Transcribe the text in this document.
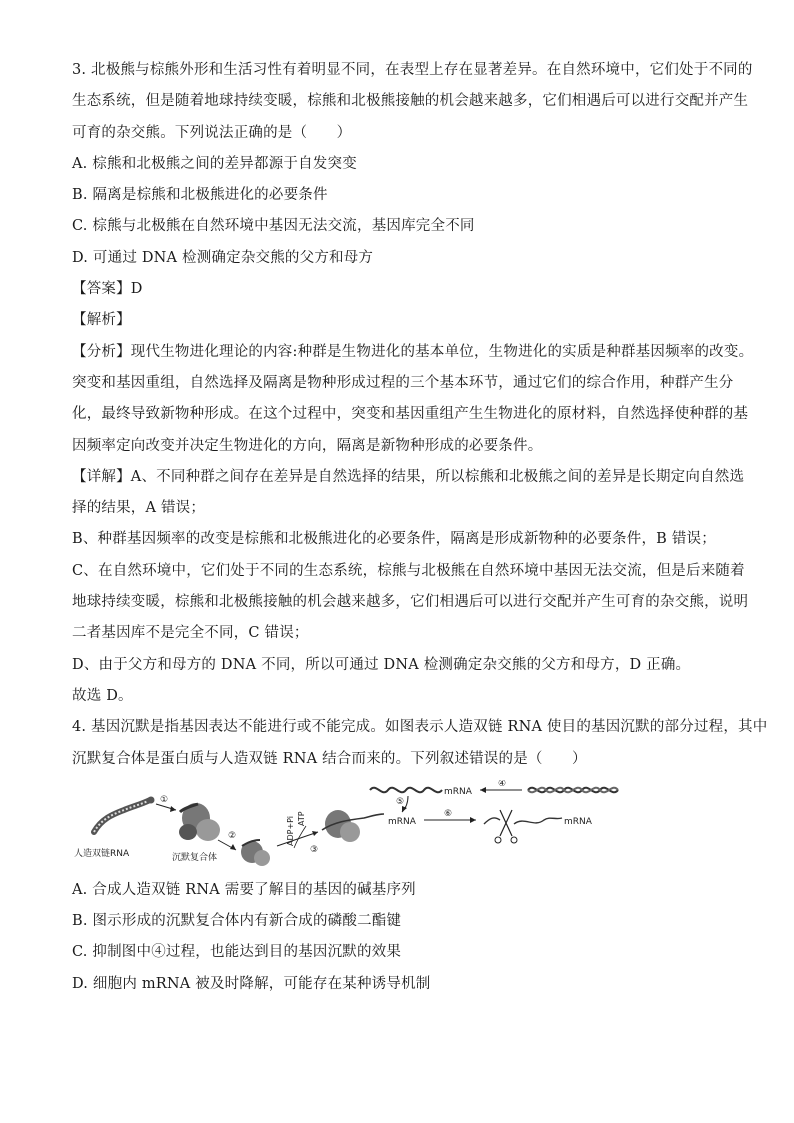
3. 北极熊与棕熊外形和生活习性有着明显不同，在表型上存在显著差异。在自然环境中，它们处于不同的
生态系统，但是随着地球持续变暖，棕熊和北极熊接触的机会越来越多，它们相遇后可以进行交配并产生
可育的杂交熊。下列说法正确的是（　　）
A. 棕熊和北极熊之间的差异都源于自发突变
B. 隔离是棕熊和北极熊进化的必要条件
C. 棕熊与北极熊在自然环境中基因无法交流，基因库完全不同
D. 可通过 DNA 检测确定杂交熊的父方和母方
【答案】D
【解析】
【分析】现代生物进化理论的内容:种群是生物进化的基本单位，生物进化的实质是种群基因频率的改变。
突变和基因重组，自然选择及隔离是物种形成过程的三个基本环节，通过它们的综合作用，种群产生分
化，最终导致新物种形成。在这个过程中，突变和基因重组产生生物进化的原材料，自然选择使种群的基
因频率定向改变并决定生物进化的方向，隔离是新物种形成的必要条件。
【详解】A、不同种群之间存在差异是自然选择的结果，所以棕熊和北极熊之间的差异是长期定向自然选
择的结果，A 错误；
B、种群基因频率的改变是棕熊和北极熊进化的必要条件，隔离是形成新物种的必要条件，B 错误；
C、在自然环境中，它们处于不同的生态系统，棕熊与北极熊在自然环境中基因无法交流，但是后来随着
地球持续变暖，棕熊和北极熊接触的机会越来越多，它们相遇后可以进行交配并产生可育的杂交熊，说明
二者基因库不是完全不同，C 错误；
D、由于父方和母方的 DNA 不同，所以可通过 DNA 检测确定杂交熊的父方和母方，D 正确。
故选 D。
4. 基因沉默是指基因表达不能进行或不能完成。如图表示人造双链 RNA 使目的基因沉默的部分过程，其中
沉默复合体是蛋白质与人造双链 RNA 结合而来的。下列叙述错误的是（　　）
人造双链RNA
①
②
沉默复合体
ADP+Pi ATP
③
mRNA
mRNA
⑤
④
⑥
mRNA
A. 合成人造双链 RNA 需要了解目的基因的碱基序列
B. 图示形成的沉默复合体内有新合成的磷酸二酯键
C. 抑制图中④过程，也能达到目的基因沉默的效果
D. 细胞内 mRNA 被及时降解，可能存在某种诱导机制
